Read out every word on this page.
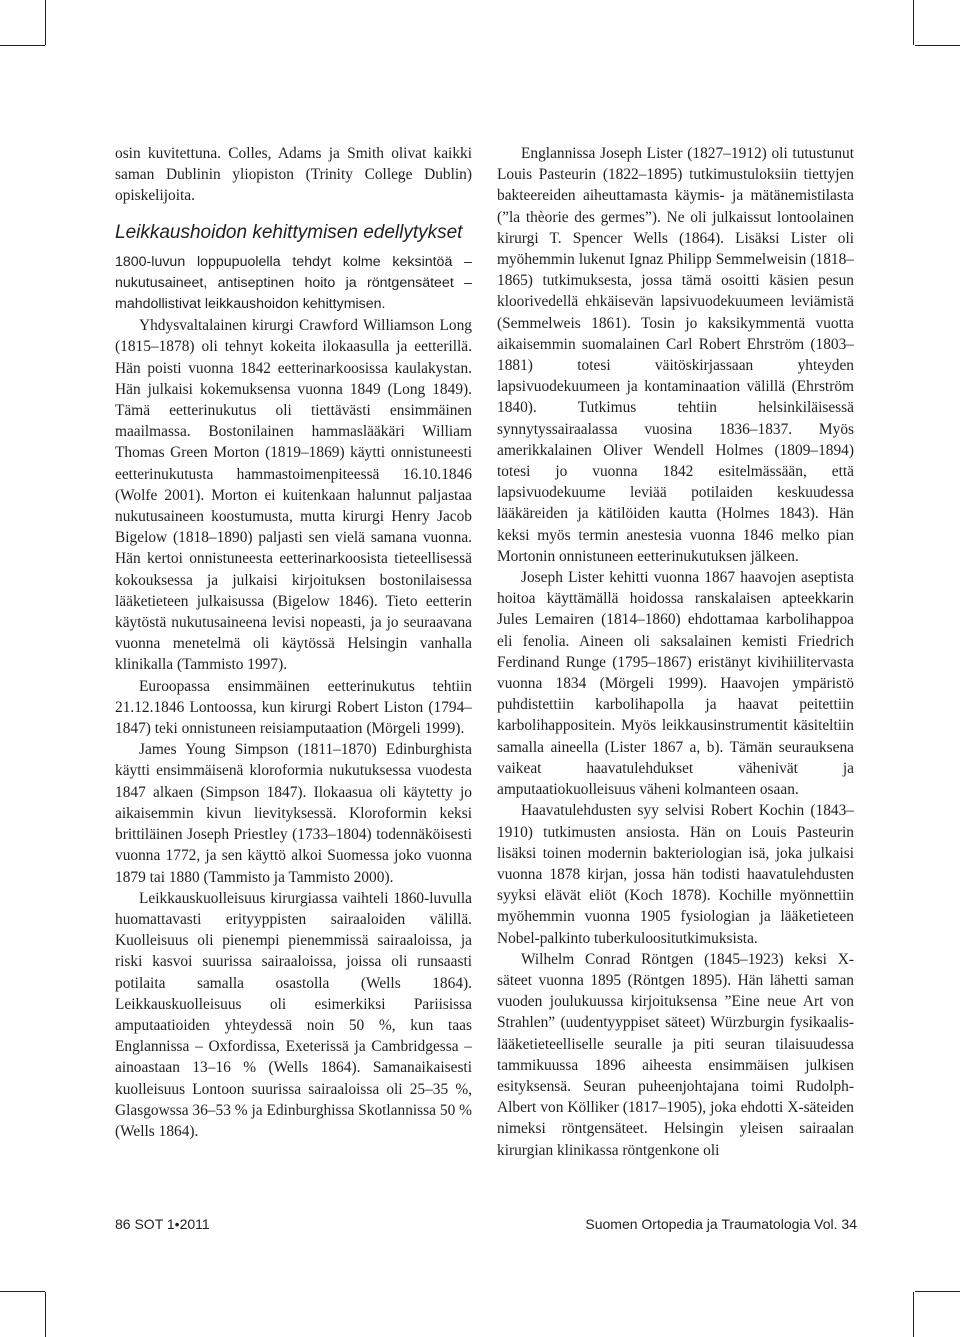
osin kuvitettuna. Colles, Adams ja Smith olivat kaikki saman Dublinin yliopiston (Trinity College Dublin) opiskelijoita.

Leikkaushoidon kehittymisen edellytykset

1800-luvun loppupuolella tehdyt kolme keksintöä – nukutusaineet, antiseptinen hoito ja röntgensäteet – mahdollistivat leikkaushoidon kehittymisen.

Yhdysvaltalainen kirurgi Crawford Williamson Long (1815–1878) oli tehnyt kokeita ilokaasulla ja eetterillä. Hän poisti vuonna 1842 eetterinarkoosissa kaulakystan. Hän julkaisi kokemuksensa vuonna 1849 (Long 1849). Tämä eetterinukutus oli tiettävästi ensimmäinen maailmassa. Bostonilainen hammaslääkäri William Thomas Green Morton (1819–1869) käytti onnistuneesti eetterinukutusta hammastoimenpiteessä 16.10.1846 (Wolfe 2001). Morton ei kuitenkaan halunnut paljastaa nukutusaineen koostumusta, mutta kirurgi Henry Jacob Bigelow (1818–1890) paljasti sen vielä samana vuonna. Hän kertoi onnistuneesta eetterinarkoosista tieteellisessä kokouksessa ja julkaisi kirjoituksen bostonilaisessa lääketieteen julkaisussa (Bigelow 1846). Tieto eetterin käytöstä nukutusaineena levisi nopeasti, ja jo seuraavana vuonna menetelmä oli käytössä Helsingin vanhalla klinikalla (Tammisto 1997).

Euroopassa ensimmäinen eetterinukutus tehtiin 21.12.1846 Lontoossa, kun kirurgi Robert Liston (1794–1847) teki onnistuneen reisiamputaation (Mörgeli 1999).

James Young Simpson (1811–1870) Edinburghista käytti ensimmäisenä kloroformia nukutuksessa vuodesta 1847 alkaen (Simpson 1847). Ilokaasua oli käytetty jo aikaisemmin kivun lievityksessä. Kloroformin keksi brittiläinen Joseph Priestley (1733–1804) todennäköisesti vuonna 1772, ja sen käyttö alkoi Suomessa joko vuonna 1879 tai 1880 (Tammisto ja Tammisto 2000).

Leikkauskuolleisuus kirurgiassa vaihteli 1860-luvulla huomattavasti erityyppisten sairaaloiden välillä. Kuolleisuus oli pienempi pienemmissä sairaaloissa, ja riski kasvoi suurissa sairaaloissa, joissa oli runsaasti potilaita samalla osastolla (Wells 1864). Leikkauskuolleisuus oli esimerkiksi Pariisissa amputaatioiden yhteydessä noin 50 %, kun taas Englannissa – Oxfordissa, Exeterissä ja Cambridgessa – ainoastaan 13–16 % (Wells 1864). Samanaikaisesti kuolleisuus Lontoon suurissa sairaaloissa oli 25–35 %, Glasgowssa 36–53 % ja Edinburghissa Skotlannissa 50 % (Wells 1864).

Englannissa Joseph Lister (1827–1912) oli tutustunut Louis Pasteurin (1822–1895) tutkimustuloksiin tiettyjen bakteereiden aiheuttamasta käymis- ja mätänemistilasta (”la thèorie des germes”). Ne oli julkaissut lontoolainen kirurgi T. Spencer Wells (1864). Lisäksi Lister oli myöhemmin lukenut Ignaz Philipp Semmelweisin (1818–1865) tutkimuksesta, jossa tämä osoitti käsien pesun kloorivedellä ehkäisevän lapsivuodekuumeen leviämistä (Semmelweis 1861). Tosin jo kaksikymmentä vuotta aikaisemmin suomalainen Carl Robert Ehrström (1803–1881) totesi väitöskirjassaan yhteyden lapsivuodekuumeen ja kontaminaation välillä (Ehrström 1840). Tutkimus tehtiin helsinkiläisessä synnytyssairaalassa vuosina 1836–1837. Myös amerikkalainen Oliver Wendell Holmes (1809–1894) totesi jo vuonna 1842 esitelmässään, että lapsivuodekuume leviää potilaiden keskuudessa lääkäreiden ja kätilöiden kautta (Holmes 1843). Hän keksi myös termin anestesia vuonna 1846 melko pian Mortonin onnistuneen eetterinukutuksen jälkeen.

Joseph Lister kehitti vuonna 1867 haavojen aseptista hoitoa käyttämällä hoidossa ranskalaisen apteekkarin Jules Lemairen (1814–1860) ehdottamaa karbolihappoa eli fenolia. Aineen oli saksalainen kemisti Friedrich Ferdinand Runge (1795–1867) eristänyt kivihiilitervasta vuonna 1834 (Mörgeli 1999). Haavojen ympäristö puhdistettiin karbolihapolla ja haavat peitettiin karbolihappositein. Myös leikkausinstrumentit käsiteltiin samalla aineella (Lister 1867 a, b). Tämän seurauksena vaikeat haavatulehdukset vähenivät ja amputaatiokuolleisuus väheni kolmanteen osaan.

Haavatulehdusten syy selvisi Robert Kochin (1843–1910) tutkimusten ansiosta. Hän on Louis Pasteurin lisäksi toinen modernin bakteriologian isä, joka julkaisi vuonna 1878 kirjan, jossa hän todisti haavatulehdusten syyksi elävät eliöt (Koch 1878). Kochille myönnettiin myöhemmin vuonna 1905 fysiologian ja lääketieteen Nobel-palkinto tuberkuloositutkimuksista.

Wilhelm Conrad Röntgen (1845–1923) keksi X-säteet vuonna 1895 (Röntgen 1895). Hän lähetti saman vuoden joulukuussa kirjoituksensa ”Eine neue Art von Strahlen” (uudentyyppiset säteet) Würzburgin fysikaalis-lääketieteelliselle seuralle ja piti seuran tilaisuudessa tammikuussa 1896 aiheesta ensimmäisen julkisen esityksensä. Seuran puheenjohtajana toimi Rudolph-Albert von Kölliker (1817–1905), joka ehdotti X-säteiden nimeksi röntgensäteet. Helsingin yleisen sairaalan kirurgian klinikassa röntgenkone oli

86 SOT 1•2011	Suomen Ortopedia ja Traumatologia Vol. 34
